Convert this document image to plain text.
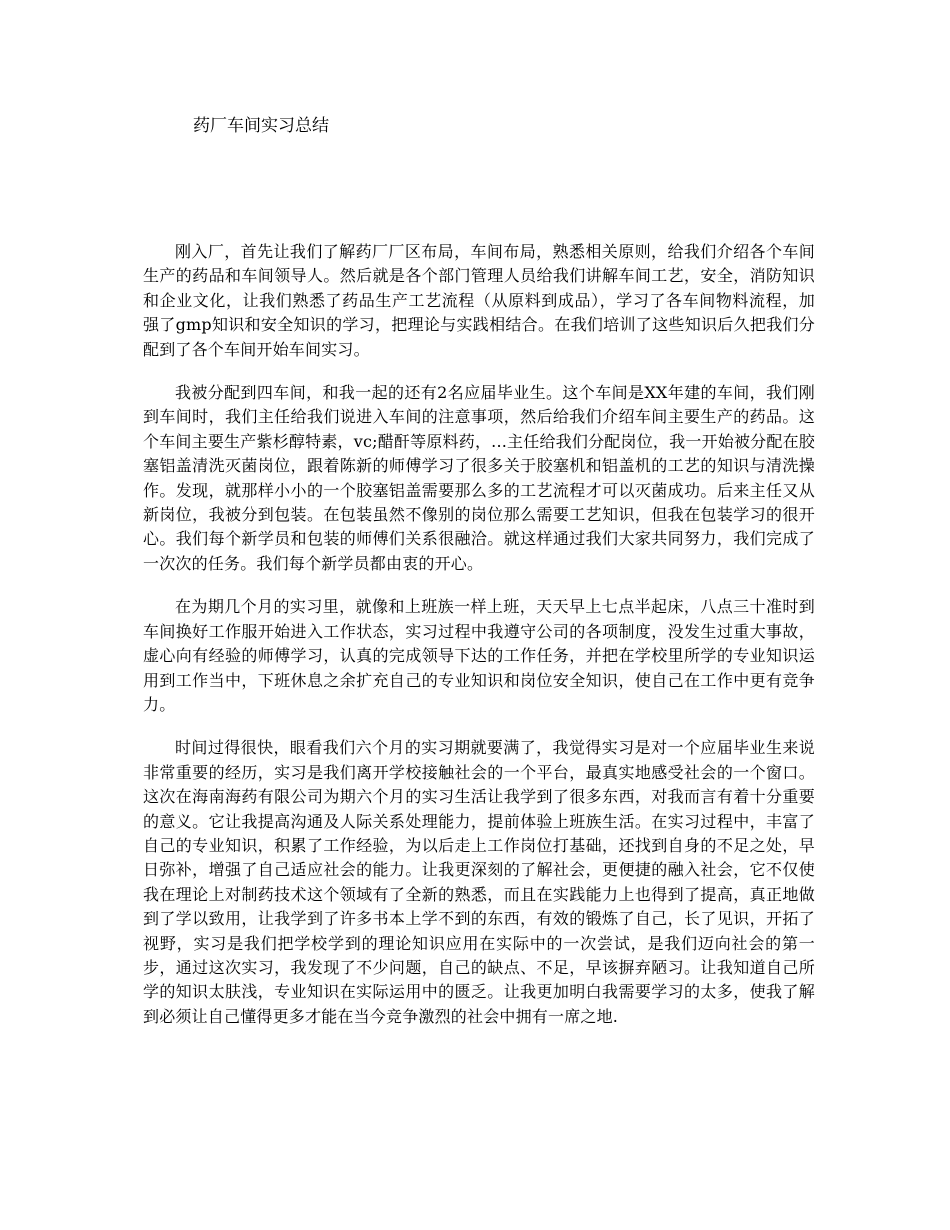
药厂车间实习总结

刚入厂，首先让我们了解药厂厂区布局，车间布局，熟悉相关原则，给我们介绍各个车间生产的药品和车间领导人。然后就是各个部门管理人员给我们讲解车间工艺，安全，消防知识和企业文化，让我们熟悉了药品生产工艺流程（从原料到成品），学习了各车间物料流程，加强了gmp知识和安全知识的学习，把理论与实践相结合。在我们培训了这些知识后久把我们分配到了各个车间开始车间实习。

我被分配到四车间，和我一起的还有2名应届毕业生。这个车间是XX年建的车间，我们刚到车间时，我们主任给我们说进入车间的注意事项，然后给我们介绍车间主要生产的药品。这个车间主要生产紫杉醇特素，vc;醋酐等原料药，...主任给我们分配岗位，我一开始被分配在胶塞铝盖清洗灭菌岗位，跟着陈新的师傅学习了很多关于胶塞机和铝盖机的工艺的知识与清洗操作。发现，就那样小小的一个胶塞铝盖需要那么多的工艺流程才可以灭菌成功。后来主任又从新岗位，我被分到包装。在包装虽然不像别的岗位那么需要工艺知识，但我在包装学习的很开心。我们每个新学员和包装的师傅们关系很融洽。就这样通过我们大家共同努力，我们完成了一次次的任务。我们每个新学员都由衷的开心。

在为期几个月的实习里，就像和上班族一样上班，天天早上七点半起床，八点三十准时到车间换好工作服开始进入工作状态，实习过程中我遵守公司的各项制度，没发生过重大事故，虚心向有经验的师傅学习，认真的完成领导下达的工作任务，并把在学校里所学的专业知识运用到工作当中，下班休息之余扩充自己的专业知识和岗位安全知识，使自己在工作中更有竞争力。

时间过得很快，眼看我们六个月的实习期就要满了，我觉得实习是对一个应届毕业生来说非常重要的经历，实习是我们离开学校接触社会的一个平台，最真实地感受社会的一个窗口。这次在海南海药有限公司为期六个月的实习生活让我学到了很多东西，对我而言有着十分重要的意义。它让我提高沟通及人际关系处理能力，提前体验上班族生活。在实习过程中，丰富了自己的专业知识，积累了工作经验，为以后走上工作岗位打基础，还找到自身的不足之处，早日弥补，增强了自己适应社会的能力。让我更深刻的了解社会，更便捷的融入社会，它不仅使我在理论上对制药技术这个领域有了全新的熟悉，而且在实践能力上也得到了提高，真正地做到了学以致用，让我学到了许多书本上学不到的东西，有效的锻炼了自己，长了见识，开拓了视野，实习是我们把学校学到的理论知识应用在实际中的一次尝试，是我们迈向社会的第一步，通过这次实习，我发现了不少问题，自己的缺点、不足，早该摒弃陋习。让我知道自己所学的知识太肤浅，专业知识在实际运用中的匮乏。让我更加明白我需要学习的太多，使我了解到必须让自己懂得更多才能在当今竞争激烈的社会中拥有一席之地.
